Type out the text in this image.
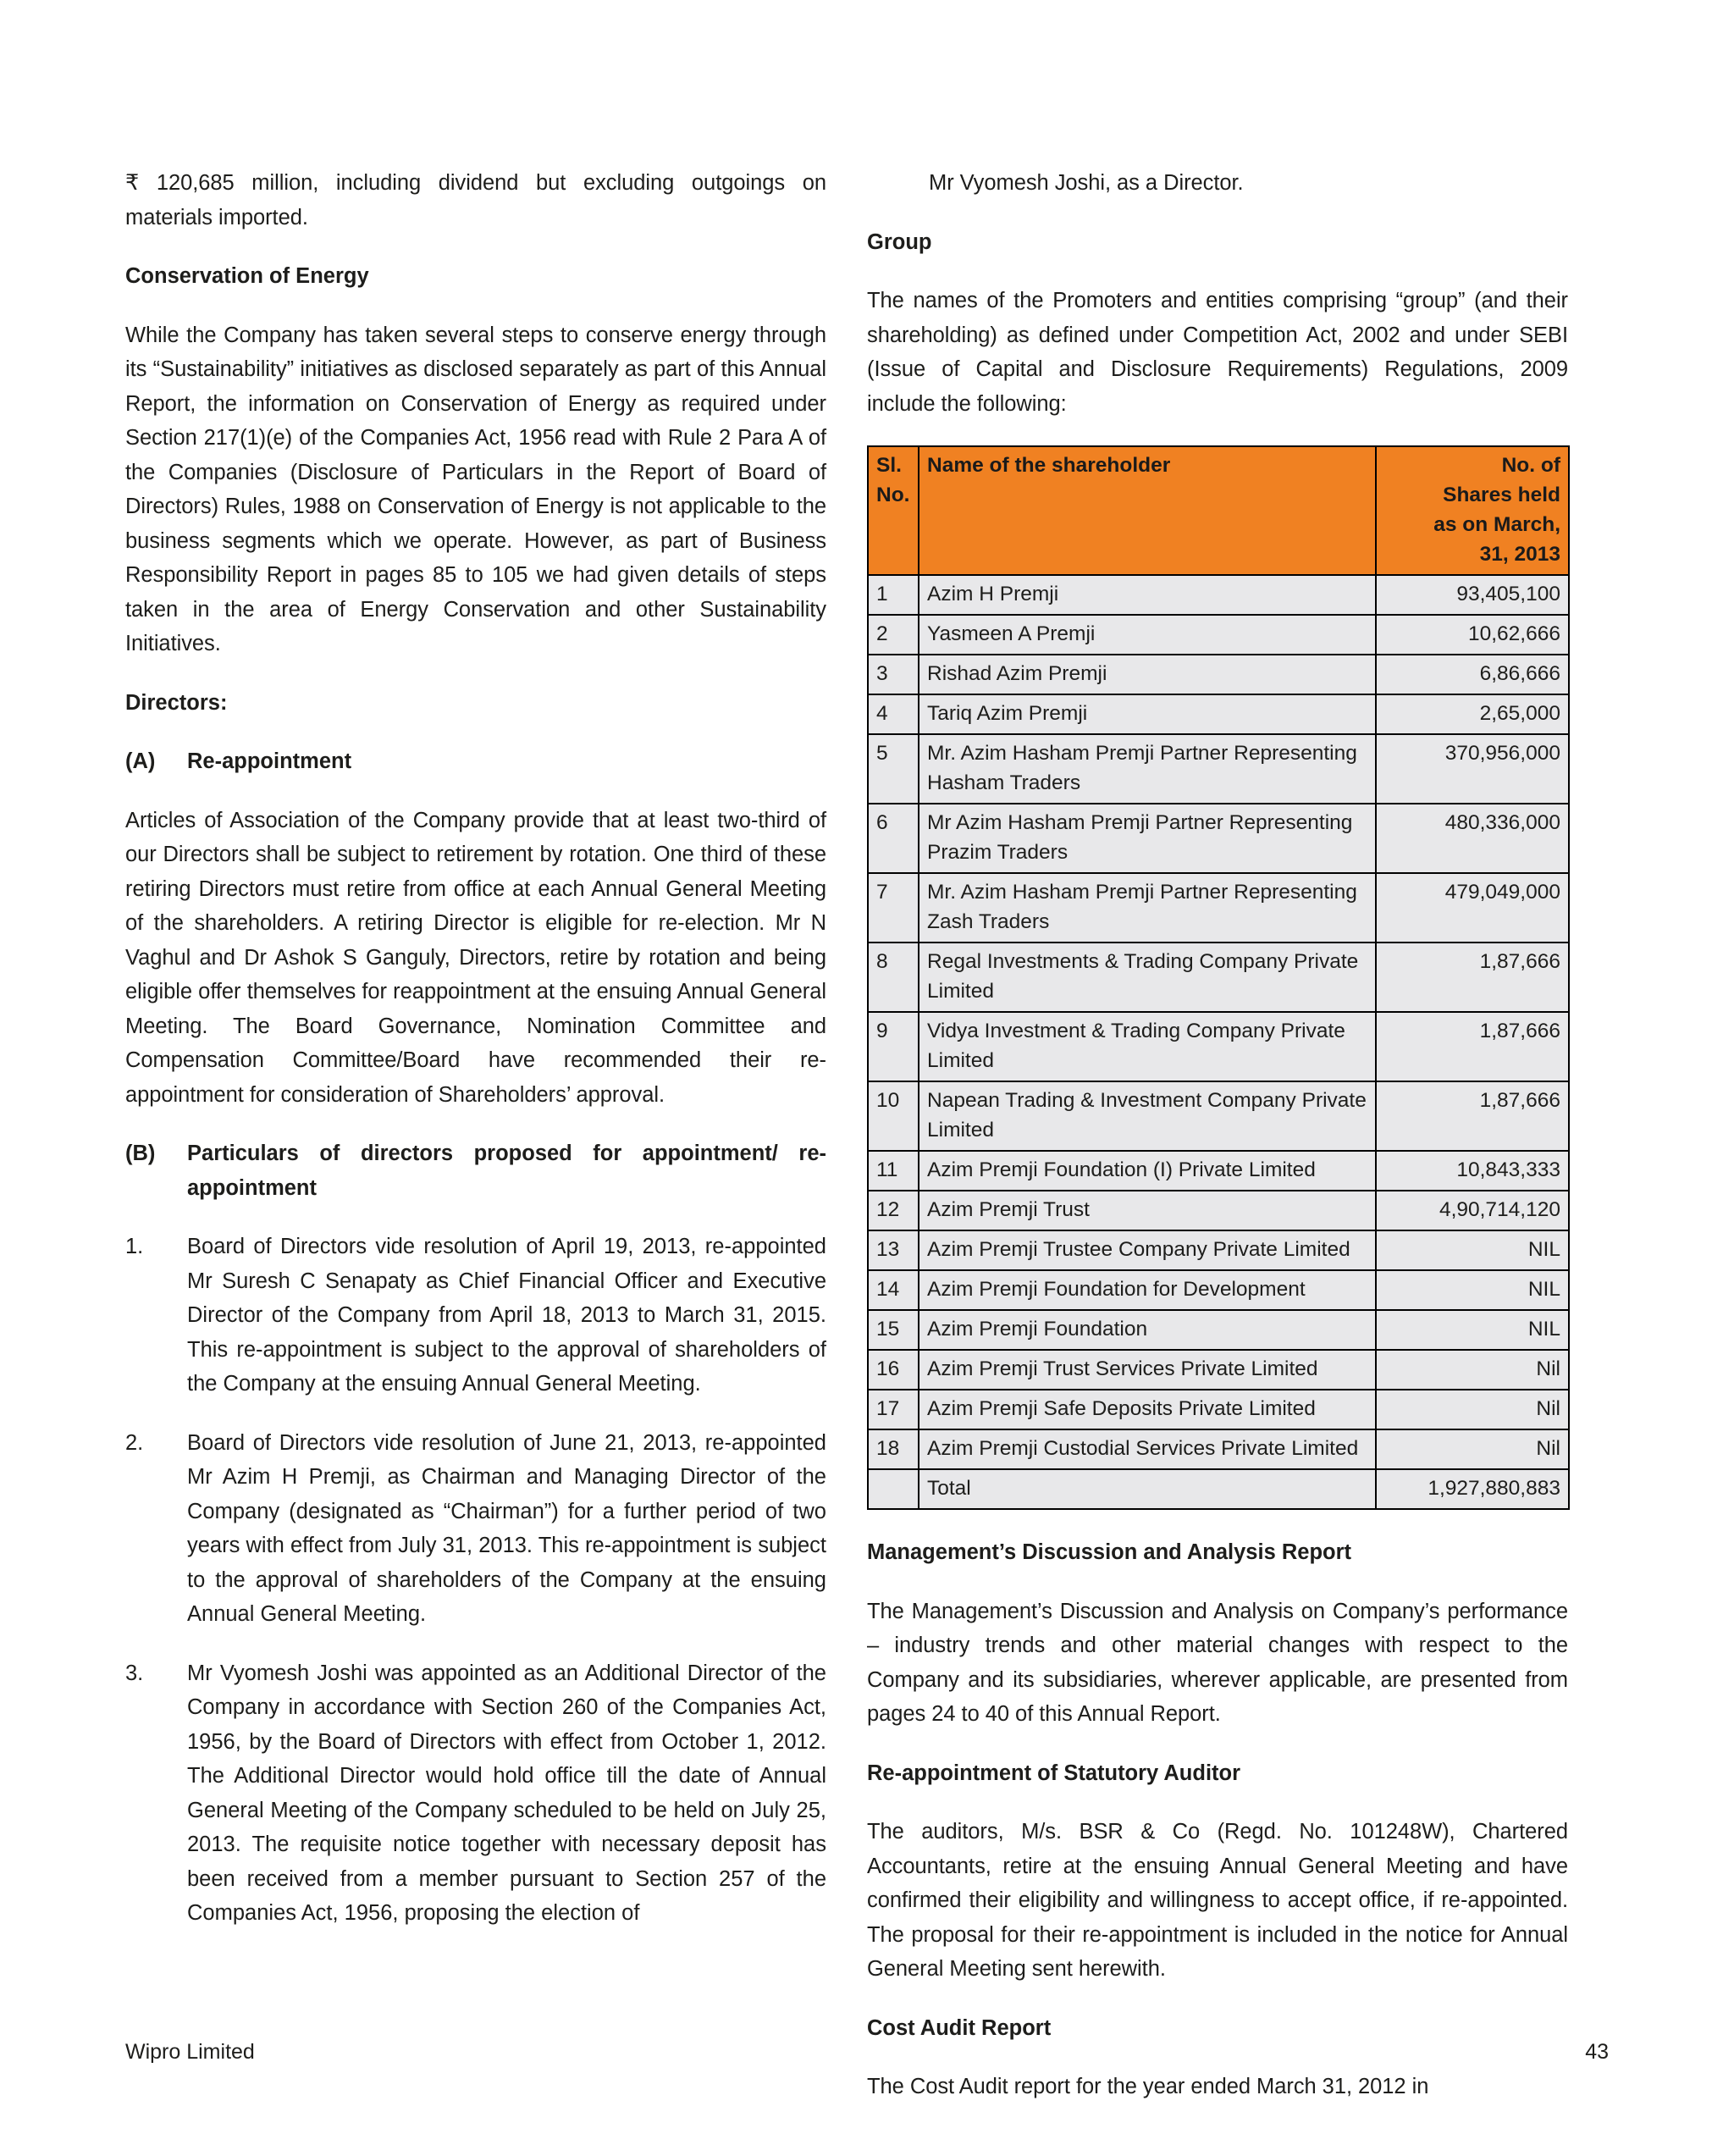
₹ 120,685 million, including dividend but excluding outgoings on materials imported.

Conservation of Energy

While the Company has taken several steps to conserve energy through its “Sustainability” initiatives as disclosed separately as part of this Annual Report, the information on Conservation of Energy as required under Section 217(1)(e) of the Companies Act, 1956 read with Rule 2 Para A of the Companies (Disclosure of Particulars in the Report of Board of Directors) Rules, 1988 on Conservation of Energy is not applicable to the business segments which we operate. However, as part of Business Responsibility Report in pages 85 to 105 we had given details of steps taken in the area of Energy Conservation and other Sustainability Initiatives.

Directors:
(A)	Re-appointment

Articles of Association of the Company provide that at least two-third of our Directors shall be subject to retirement by rotation. One third of these retiring Directors must retire from office at each Annual General Meeting of the shareholders. A retiring Director is eligible for re-election. Mr N Vaghul and Dr Ashok S Ganguly, Directors, retire by rotation and being eligible offer themselves for reappointment at the ensuing Annual General Meeting. The Board Governance, Nomination Committee and Compensation Committee/Board have recommended their re-appointment for consideration of Shareholders’ approval.

(B)	Particulars of directors proposed for appointment/ re-appointment
1.	Board of Directors vide resolution of April 19, 2013, re-appointed Mr Suresh C Senapaty as Chief Financial Officer and Executive Director of the Company from April 18, 2013 to March 31, 2015. This re-appointment is subject to the approval of shareholders of the Company at the ensuing Annual General Meeting.
2.	Board of Directors vide resolution of June 21, 2013, re-appointed Mr Azim H Premji, as Chairman and Managing Director of the Company (designated as “Chairman”) for a further period of two years with effect from July 31, 2013. This re-appointment is subject to the approval of shareholders of the Company at the ensuing Annual General Meeting.
3.	Mr Vyomesh Joshi was appointed as an Additional Director of the Company in accordance with Section 260 of the Companies Act, 1956, by the Board of Directors with effect from October 1, 2012. The Additional Director would hold office till the date of Annual General Meeting of the Company scheduled to be held on July 25, 2013. The requisite notice together with necessary deposit has been received from a member pursuant to Section 257 of the Companies Act, 1956, proposing the election of

Mr Vyomesh Joshi, as a Director.

Group

The names of the Promoters and entities comprising “group” (and their shareholding) as defined under Competition Act, 2002 and under SEBI (Issue of Capital and Disclosure Requirements) Regulations, 2009 include the following:

Sl.
No.	Name of the shareholder	No. of
Shares held
as on March,
31, 2013
1	Azim H Premji	93,405,100
2	Yasmeen A Premji	10,62,666
3	Rishad Azim Premji	6,86,666
4	Tariq Azim Premji	2,65,000
5	Mr. Azim Hasham Premji Partner Representing Hasham Traders	370,956,000
6	Mr Azim Hasham Premji Partner Representing Prazim Traders	480,336,000
7	Mr. Azim Hasham Premji Partner Representing Zash Traders	479,049,000
8	Regal Investments & Trading Company Private Limited	1,87,666
9	Vidya Investment & Trading Company Private Limited	1,87,666
10	Napean Trading & Investment Company Private Limited	1,87,666
11	Azim Premji Foundation (I) Private Limited	10,843,333
12	Azim Premji Trust	4,90,714,120
13	Azim Premji Trustee Company Private Limited	NIL
14	Azim Premji Foundation for Development	NIL
15	Azim Premji Foundation	NIL
16	Azim Premji Trust Services Private Limited	Nil
17	Azim Premji Safe Deposits Private Limited	Nil
18	Azim Premji Custodial Services Private Limited	Nil
	Total	1,927,880,883
Management’s Discussion and Analysis Report

The Management’s Discussion and Analysis on Company’s performance – industry trends and other material changes with respect to the Company and its subsidiaries, wherever applicable, are presented from pages 24 to 40 of this Annual Report.

Re-appointment of Statutory Auditor

The auditors, M/s. BSR & Co (Regd. No. 101248W), Chartered Accountants, retire at the ensuing Annual General Meeting and have confirmed their eligibility and willingness to accept office, if re-appointed. The proposal for their re-appointment is included in the notice for Annual General Meeting sent herewith.

Cost Audit Report

The Cost Audit report for the year ended March 31, 2012 in

Wipro Limited	43
